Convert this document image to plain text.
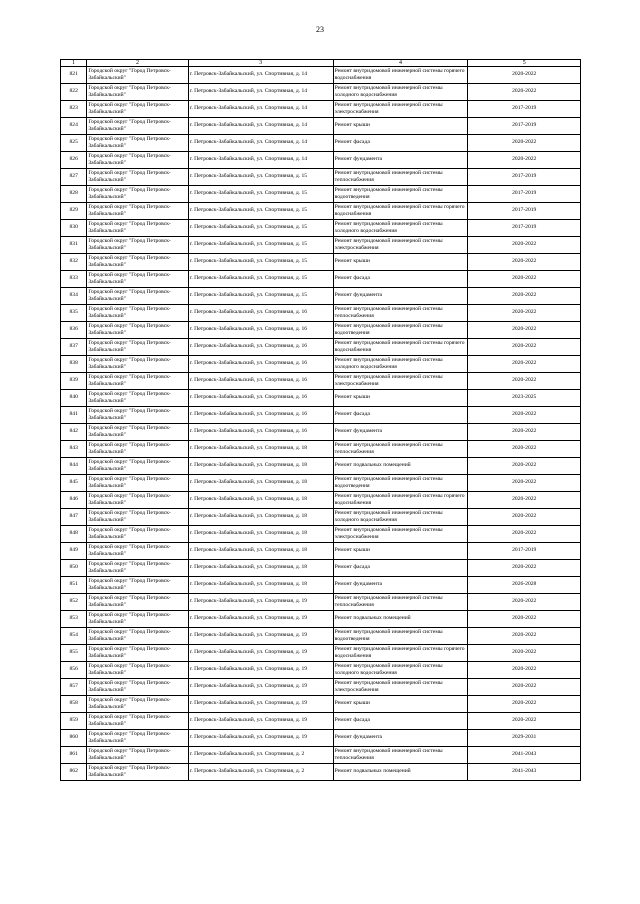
23
1	2	3	4	5
821	Городской округ "Город Петровск-Забайкальский"	г. Петровск-Забайкальский, ул. Спортивная, д. 14	Ремонт внутридомовой инженерной системы горячего водоснабжения	2020-2022
822	Городской округ "Город Петровск-Забайкальский"	г. Петровск-Забайкальский, ул. Спортивная, д. 14	Ремонт внутридомовой инженерной системы холодного водоснабжения	2020-2022
823	Городской округ "Город Петровск-Забайкальский"	г. Петровск-Забайкальский, ул. Спортивная, д. 14	Ремонт внутридомовой инженерной системы электроснабжения	2017-2019
824	Городской округ "Город Петровск-Забайкальский"	г. Петровск-Забайкальский, ул. Спортивная, д. 14	Ремонт крыши	2017-2019
825	Городской округ "Город Петровск-Забайкальский"	г. Петровск-Забайкальский, ул. Спортивная, д. 14	Ремонт фасада	2020-2022
826	Городской округ "Город Петровск-Забайкальский"	г. Петровск-Забайкальский, ул. Спортивная, д. 14	Ремонт фундамента	2020-2022
827	Городской округ "Город Петровск-Забайкальский"	г. Петровск-Забайкальский, ул. Спортивная, д. 15	Ремонт внутридомовой инженерной системы теплоснабжения	2017-2019
828	Городской округ "Город Петровск-Забайкальский"	г. Петровск-Забайкальский, ул. Спортивная, д. 15	Ремонт внутридомовой инженерной системы водоотведения	2017-2019
829	Городской округ "Город Петровск-Забайкальский"	г. Петровск-Забайкальский, ул. Спортивная, д. 15	Ремонт внутридомовой инженерной системы горячего водоснабжения	2017-2019
830	Городской округ "Город Петровск-Забайкальский"	г. Петровск-Забайкальский, ул. Спортивная, д. 15	Ремонт внутридомовой инженерной системы холодного водоснабжения	2017-2019
831	Городской округ "Город Петровск-Забайкальский"	г. Петровск-Забайкальский, ул. Спортивная, д. 15	Ремонт внутридомовой инженерной системы электроснабжения	2020-2022
832	Городской округ "Город Петровск-Забайкальский"	г. Петровск-Забайкальский, ул. Спортивная, д. 15	Ремонт крыши	2020-2022
833	Городской округ "Город Петровск-Забайкальский"	г. Петровск-Забайкальский, ул. Спортивная, д. 15	Ремонт фасада	2020-2022
834	Городской округ "Город Петровск-Забайкальский"	г. Петровск-Забайкальский, ул. Спортивная, д. 15	Ремонт фундамента	2020-2022
835	Городской округ "Город Петровск-Забайкальский"	г. Петровск-Забайкальский, ул. Спортивная, д. 16	Ремонт внутридомовой инженерной системы теплоснабжения	2020-2022
836	Городской округ "Город Петровск-Забайкальский"	г. Петровск-Забайкальский, ул. Спортивная, д. 16	Ремонт внутридомовой инженерной системы водоотведения	2020-2022
837	Городской округ "Город Петровск-Забайкальский"	г. Петровск-Забайкальский, ул. Спортивная, д. 16	Ремонт внутридомовой инженерной системы горячего водоснабжения	2020-2022
838	Городской округ "Город Петровск-Забайкальский"	г. Петровск-Забайкальский, ул. Спортивная, д. 16	Ремонт внутридомовой инженерной системы холодного водоснабжения	2020-2022
839	Городской округ "Город Петровск-Забайкальский"	г. Петровск-Забайкальский, ул. Спортивная, д. 16	Ремонт внутридомовой инженерной системы электроснабжения	2020-2022
840	Городской округ "Город Петровск-Забайкальский"	г. Петровск-Забайкальский, ул. Спортивная, д. 16	Ремонт крыши	2023-2025
841	Городской округ "Город Петровск-Забайкальский"	г. Петровск-Забайкальский, ул. Спортивная, д. 16	Ремонт фасада	2020-2022
842	Городской округ "Город Петровск-Забайкальский"	г. Петровск-Забайкальский, ул. Спортивная, д. 16	Ремонт фундамента	2020-2022
843	Городской округ "Город Петровск-Забайкальский"	г. Петровск-Забайкальский, ул. Спортивная, д. 18	Ремонт внутридомовой инженерной системы теплоснабжения	2020-2022
844	Городской округ "Город Петровск-Забайкальский"	г. Петровск-Забайкальский, ул. Спортивная, д. 18	Ремонт подвальных помещений	2020-2022
845	Городской округ "Город Петровск-Забайкальский"	г. Петровск-Забайкальский, ул. Спортивная, д. 18	Ремонт внутридомовой инженерной системы водоотведения	2020-2022
846	Городской округ "Город Петровск-Забайкальский"	г. Петровск-Забайкальский, ул. Спортивная, д. 18	Ремонт внутридомовой инженерной системы горячего водоснабжения	2020-2022
847	Городской округ "Город Петровск-Забайкальский"	г. Петровск-Забайкальский, ул. Спортивная, д. 18	Ремонт внутридомовой инженерной системы холодного водоснабжения	2020-2022
848	Городской округ "Город Петровск-Забайкальский"	г. Петровск-Забайкальский, ул. Спортивная, д. 18	Ремонт внутридомовой инженерной системы электроснабжения	2020-2022
849	Городской округ "Город Петровск-Забайкальский"	г. Петровск-Забайкальский, ул. Спортивная, д. 18	Ремонт крыши	2017-2019
850	Городской округ "Город Петровск-Забайкальский"	г. Петровск-Забайкальский, ул. Спортивная, д. 18	Ремонт фасада	2020-2022
851	Городской округ "Город Петровск-Забайкальский"	г. Петровск-Забайкальский, ул. Спортивная, д. 18	Ремонт фундамента	2026-2028
852	Городской округ "Город Петровск-Забайкальский"	г. Петровск-Забайкальский, ул. Спортивная, д. 19	Ремонт внутридомовой инженерной системы теплоснабжения	2020-2022
853	Городской округ "Город Петровск-Забайкальский"	г. Петровск-Забайкальский, ул. Спортивная, д. 19	Ремонт подвальных помещений	2020-2022
854	Городской округ "Город Петровск-Забайкальский"	г. Петровск-Забайкальский, ул. Спортивная, д. 19	Ремонт внутридомовой инженерной системы водоотведения	2020-2022
855	Городской округ "Город Петровск-Забайкальский"	г. Петровск-Забайкальский, ул. Спортивная, д. 19	Ремонт внутридомовой инженерной системы горячего водоснабжения	2020-2022
856	Городской округ "Город Петровск-Забайкальский"	г. Петровск-Забайкальский, ул. Спортивная, д. 19	Ремонт внутридомовой инженерной системы холодного водоснабжения	2020-2022
857	Городской округ "Город Петровск-Забайкальский"	г. Петровск-Забайкальский, ул. Спортивная, д. 19	Ремонт внутридомовой инженерной системы электроснабжения	2020-2022
858	Городской округ "Город Петровск-Забайкальский"	г. Петровск-Забайкальский, ул. Спортивная, д. 19	Ремонт крыши	2020-2022
859	Городской округ "Город Петровск-Забайкальский"	г. Петровск-Забайкальский, ул. Спортивная, д. 19	Ремонт фасада	2020-2022
860	Городской округ "Город Петровск-Забайкальский"	г. Петровск-Забайкальский, ул. Спортивная, д. 19	Ремонт фундамента	2029-2031
861	Городской округ "Город Петровск-Забайкальский"	г. Петровск-Забайкальский, ул. Спортивная, д. 2	Ремонт внутридомовой инженерной системы теплоснабжения	2041-2043
862	Городской округ "Город Петровск-Забайкальский"	г. Петровск-Забайкальский, ул. Спортивная, д. 2	Ремонт подвальных помещений	2041-2043
